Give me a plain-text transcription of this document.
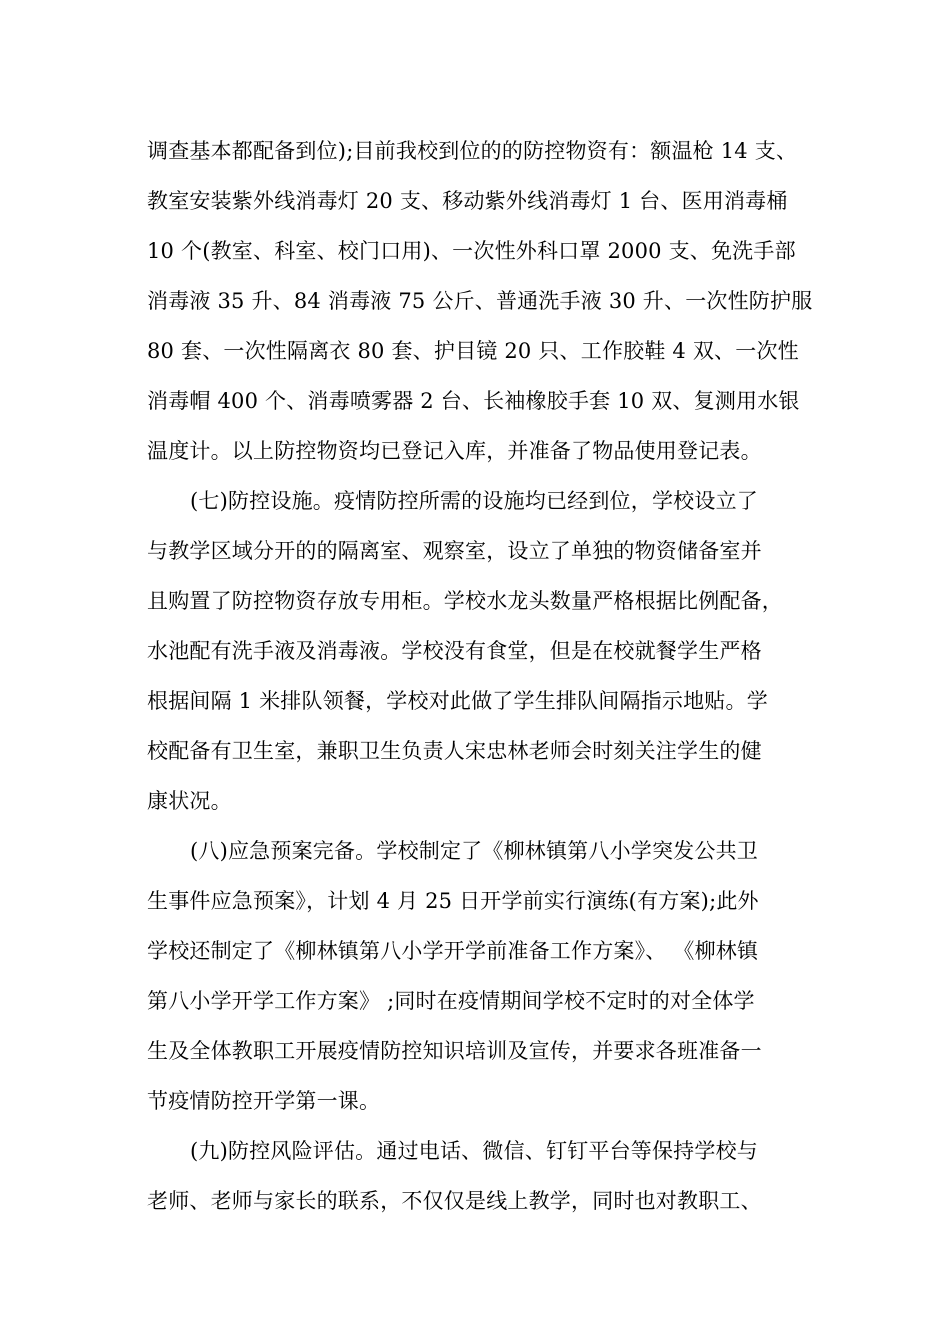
调查基本都配备到位);目前我校到位的的防控物资有：额温枪 14 支、
教室安装紫外线消毒灯 20 支、移动紫外线消毒灯 1 台、医用消毒桶
10 个(教室、科室、校门口用)、一次性外科口罩 2000 支、免洗手部
消毒液 35 升、84 消毒液 75 公斤、普通洗手液 30 升、一次性防护服
80 套、一次性隔离衣 80 套、护目镜 20 只、工作胶鞋 4 双、一次性
消毒帽 400 个、消毒喷雾器 2 台、长袖橡胶手套 10 双、复测用水银
温度计。以上防控物资均已登记入库，并准备了物品使用登记表。
(七)防控设施。疫情防控所需的设施均已经到位，学校设立了
与教学区域分开的的隔离室、观察室，设立了单独的物资储备室并
且购置了防控物资存放专用柜。学校水龙头数量严格根据比例配备，
水池配有洗手液及消毒液。学校没有食堂，但是在校就餐学生严格
根据间隔 1 米排队领餐，学校对此做了学生排队间隔指示地贴。学
校配备有卫生室，兼职卫生负责人宋忠林老师会时刻关注学生的健
康状况。
(八)应急预案完备。学校制定了《柳林镇第八小学突发公共卫
生事件应急预案》，计划 4 月 25 日开学前实行演练(有方案);此外
学校还制定了《柳林镇第八小学开学前准备工作方案》、 《柳林镇
第八小学开学工作方案》 ;同时在疫情期间学校不定时的对全体学
生及全体教职工开展疫情防控知识培训及宣传，并要求各班准备一
节疫情防控开学第一课。
(九)防控风险评估。通过电话、微信、钉钉平台等保持学校与
老师、老师与家长的联系，不仅仅是线上教学，同时也对教职工、
